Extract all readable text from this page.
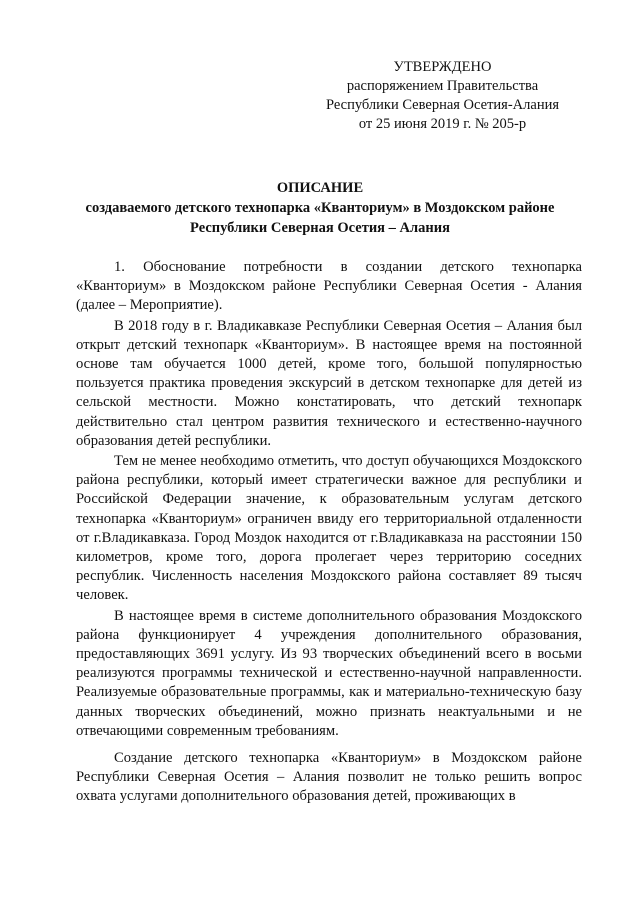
УТВЕРЖДЕНО
распоряжением Правительства
Республики Северная Осетия-Алания
от 25 июня 2019 г. № 205-р
ОПИСАНИЕ
создаваемого детского технопарка «Кванториум» в Моздокском районе
Республики Северная Осетия – Алания

1. Обоснование потребности в создании детского технопарка «Кванториум» в Моздокском районе Республики Северная Осетия - Алания (далее – Мероприятие).

В 2018 году в г. Владикавказе Республики Северная Осетия – Алания был открыт детский технопарк «Кванториум». В настоящее время на постоянной основе там обучается 1000 детей, кроме того, большой популярностью пользуется практика проведения экскурсий в детском технопарке для детей из сельской местности. Можно констатировать, что детский технопарк действительно стал центром развития технического и естественно-научного образования детей республики.

Тем не менее необходимо отметить, что доступ обучающихся Моздокского района республики, который имеет стратегически важное для республики и Российской Федерации значение, к образовательным услугам детского технопарка «Кванториум» ограничен ввиду его территориальной отдаленности от г.Владикавказа. Город Моздок находится от г.Владикавказа на расстоянии 150 километров, кроме того, дорога пролегает через территорию соседних республик. Численность населения Моздокского района составляет 89 тысяч человек.

В настоящее время в системе дополнительного образования Моздокского района функционирует 4 учреждения дополнительного образования, предоставляющих 3691 услугу. Из 93 творческих объединений всего в восьми реализуются программы технической и естественно-научной направленности. Реализуемые образовательные программы, как и материально-техническую базу данных творческих объединений, можно признать неактуальными и не отвечающими современным требованиям.

Создание детского технопарка «Кванториум» в Моздокском районе Республики Северная Осетия – Алания позволит не только решить вопрос охвата услугами дополнительного образования детей, проживающих в
